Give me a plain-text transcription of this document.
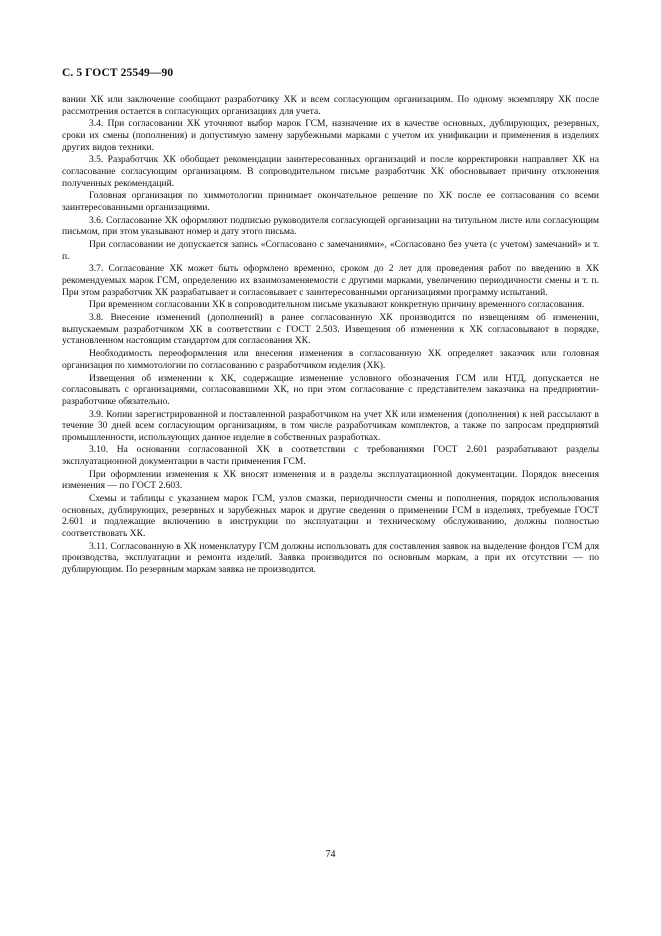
С. 5 ГОСТ 25549—90

вании ХК или заключение сообщают разработчику ХК и всем согласующим организациям. По одному экземпляру ХК после рассмотрения остается в согласующих организациях для учета.

3.4. При согласовании ХК уточняют выбор марок ГСМ, назначение их в качестве основных, дублирующих, резервных, сроки их смены (пополнения) и допустимую замену зарубежными марками с учетом их унификации и применения в изделиях других видов техники.

3.5. Разработчик ХК обобщает рекомендации заинтересованных организаций и после корректировки направляет ХК на согласование согласующим организациям. В сопроводительном письме разработчик ХК обосновывает причину отклонения полученных рекомендаций.

Головная организация по химмотологии принимает окончательное решение по ХК после ее согласования со всеми заинтересованными организациями.

3.6. Согласование ХК оформляют подписью руководителя согласующей организации на титульном листе или согласующим письмом, при этом указывают номер и дату этого письма.

При согласовании не допускается запись «Согласовано с замечаниями», «Согласовано без учета (с учетом) замечаний» и т. п.

3.7. Согласование ХК может быть оформлено временно, сроком до 2 лет для проведения работ по введению в ХК рекомендуемых марок ГСМ, определению их взаимозаменяемости с другими марками, увеличению периодичности смены и т. п. При этом разработчик ХК разрабатывает и согласовывает с заинтересованными организациями программу испытаний.

При временном согласовании ХК в сопроводительном письме указывают конкретную причину временного согласования.

3.8. Внесение изменений (дополнений) в ранее согласованную ХК производится по извещениям об изменении, выпускаемым разработчиком ХК в соответствии с ГОСТ 2.503. Извещения об изменении к ХК согласовывают в порядке, установленном настоящим стандартом для согласования ХК.

Необходимость переоформления или внесения изменения в согласованную ХК определяет заказчик или головная организация по химмотологии по согласованию с разработчиком изделия (ХК).

Извещения об изменении к ХК, содержащие изменение условного обозначения ГСМ или НТД, допускается не согласовывать с организациями, согласовавшими ХК, но при этом согласование с представителем заказчика на предприятии-разработчике обязательно.

3.9. Копии зарегистрированной и поставленной разработчиком на учет ХК или изменения (дополнения) к ней рассылают в течение 30 дней всем согласующим организациям, в том числе разработчикам комплектов, а также по запросам предприятий промышленности, использующих данное изделие в собственных разработках.

3.10. На основании согласованной ХК в соответствии с требованиями ГОСТ 2.601 разрабатывают разделы эксплуатационной документации в части применения ГСМ.

При оформлении изменения к ХК вносят изменения и в разделы эксплуатационной документации. Порядок внесения изменения — по ГОСТ 2.603.

Схемы и таблицы с указанием марок ГСМ, узлов смазки, периодичности смены и пополнения, порядок использования основных, дублирующих, резервных и зарубежных марок и другие сведения о применении ГСМ в изделиях, требуемые ГОСТ 2.601 и подлежащие включению в инструкции по эксплуатации и техническому обслуживанию, должны полностью соответствовать ХК.

3.11. Согласованную в ХК номенклатуру ГСМ должны использовать для составления заявок на выделение фондов ГСМ для производства, эксплуатации и ремонта изделий. Заявка производится по основным маркам, а при их отсутствии — по дублирующим. По резервным маркам заявка не производится.

74
